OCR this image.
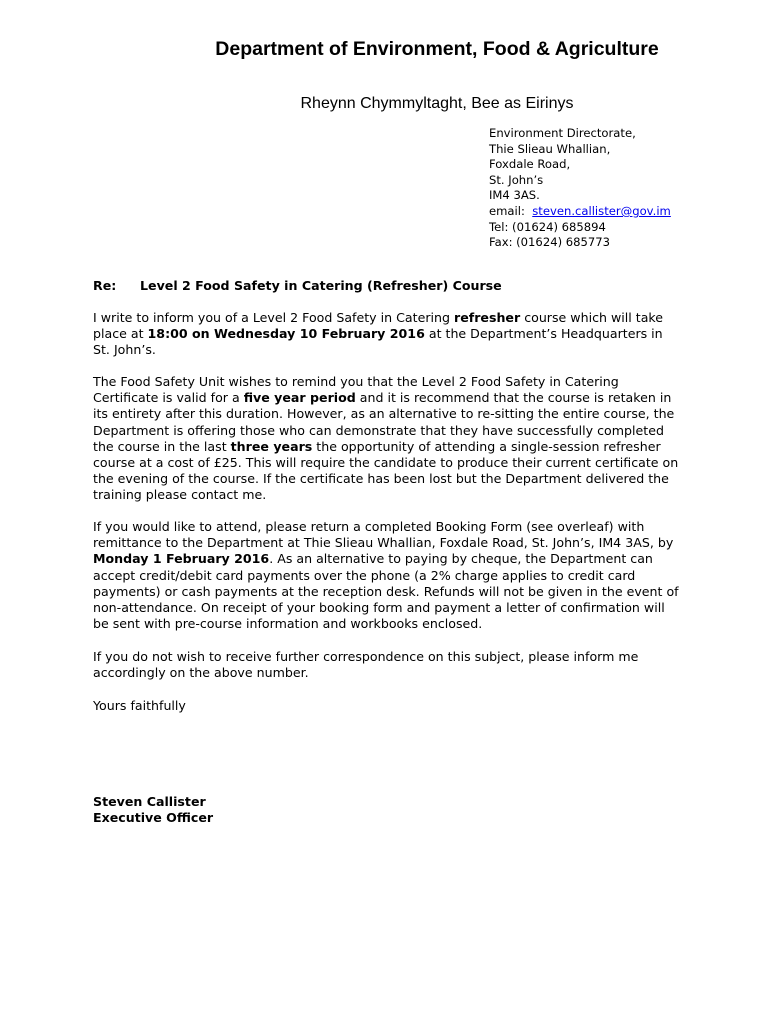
Department of Environment, Food & Agriculture
Rheynn Chymmyltaght, Bee as Eirinys
Environment Directorate,
Thie Slieau Whallian,
Foxdale Road,
St. John’s
IM4 3AS.
email: steven.callister@gov.im
Tel: (01624) 685894
Fax: (01624) 685773
Re: Level 2 Food Safety in Catering (Refresher) Course
I write to inform you of a Level 2 Food Safety in Catering refresher course which will take
place at 18:00 on Wednesday 10 February 2016 at the Department’s Headquarters in
St. John’s.
The Food Safety Unit wishes to remind you that the Level 2 Food Safety in Catering
Certificate is valid for a five year period and it is recommend that the course is retaken in
its entirety after this duration. However, as an alternative to re-sitting the entire course, the
Department is offering those who can demonstrate that they have successfully completed
the course in the last three years the opportunity of attending a single-session refresher
course at a cost of £25. This will require the candidate to produce their current certificate on
the evening of the course. If the certificate has been lost but the Department delivered the
training please contact me.
If you would like to attend, please return a completed Booking Form (see overleaf) with
remittance to the Department at Thie Slieau Whallian, Foxdale Road, St. John’s, IM4 3AS, by
Monday 1 February 2016. As an alternative to paying by cheque, the Department can
accept credit/debit card payments over the phone (a 2% charge applies to credit card
payments) or cash payments at the reception desk. Refunds will not be given in the event of
non-attendance. On receipt of your booking form and payment a letter of confirmation will
be sent with pre-course information and workbooks enclosed.
If you do not wish to receive further correspondence on this subject, please inform me
accordingly on the above number.
Yours faithfully
Steven Callister
Executive Officer
